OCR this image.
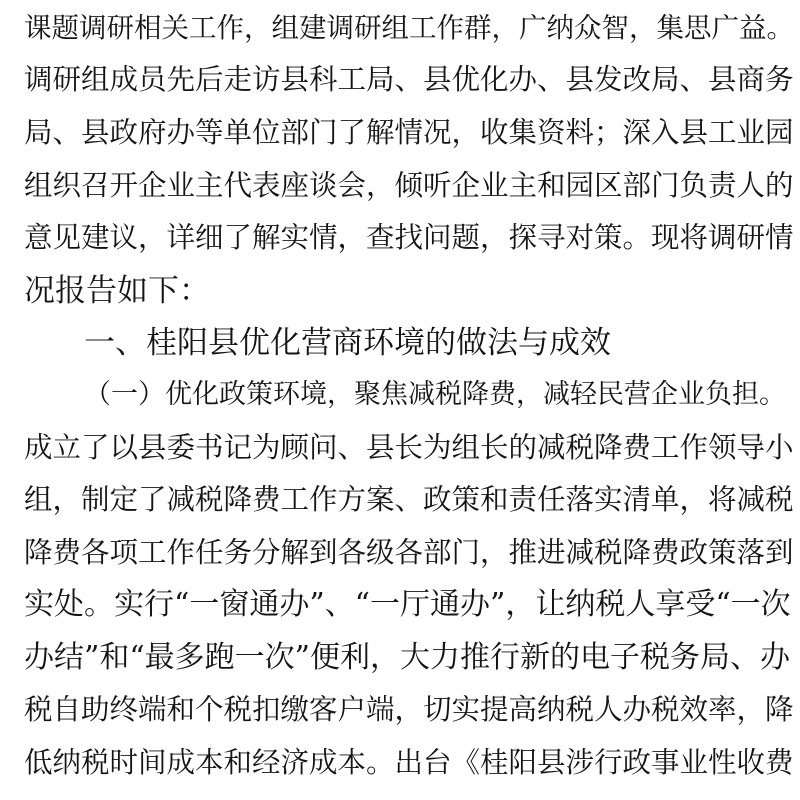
课题调研相关工作，组建调研组工作群，广纳众智，集思广益。
调研组成员先后走访县科工局、县优化办、县发改局、县商务
局、县政府办等单位部门了解情况，收集资料；深入县工业园
组织召开企业主代表座谈会，倾听企业主和园区部门负责人的
意见建议，详细了解实情，查找问题，探寻对策。现将调研情
况报告如下：
一、桂阳县优化营商环境的做法与成效
（一）优化政策环境，聚焦减税降费，减轻民营企业负担。
成立了以县委书记为顾问、县长为组长的减税降费工作领导小
组，制定了减税降费工作方案、政策和责任落实清单，将减税
降费各项工作任务分解到各级各部门，推进减税降费政策落到
实处。实行“一窗通办”、“一厅通办”，让纳税人享受“一次
办结”和“最多跑一次”便利，大力推行新的电子税务局、办
税自助终端和个税扣缴客户端，切实提高纳税人办税效率，降
低纳税时间成本和经济成本。出台《桂阳县涉行政事业性收费
